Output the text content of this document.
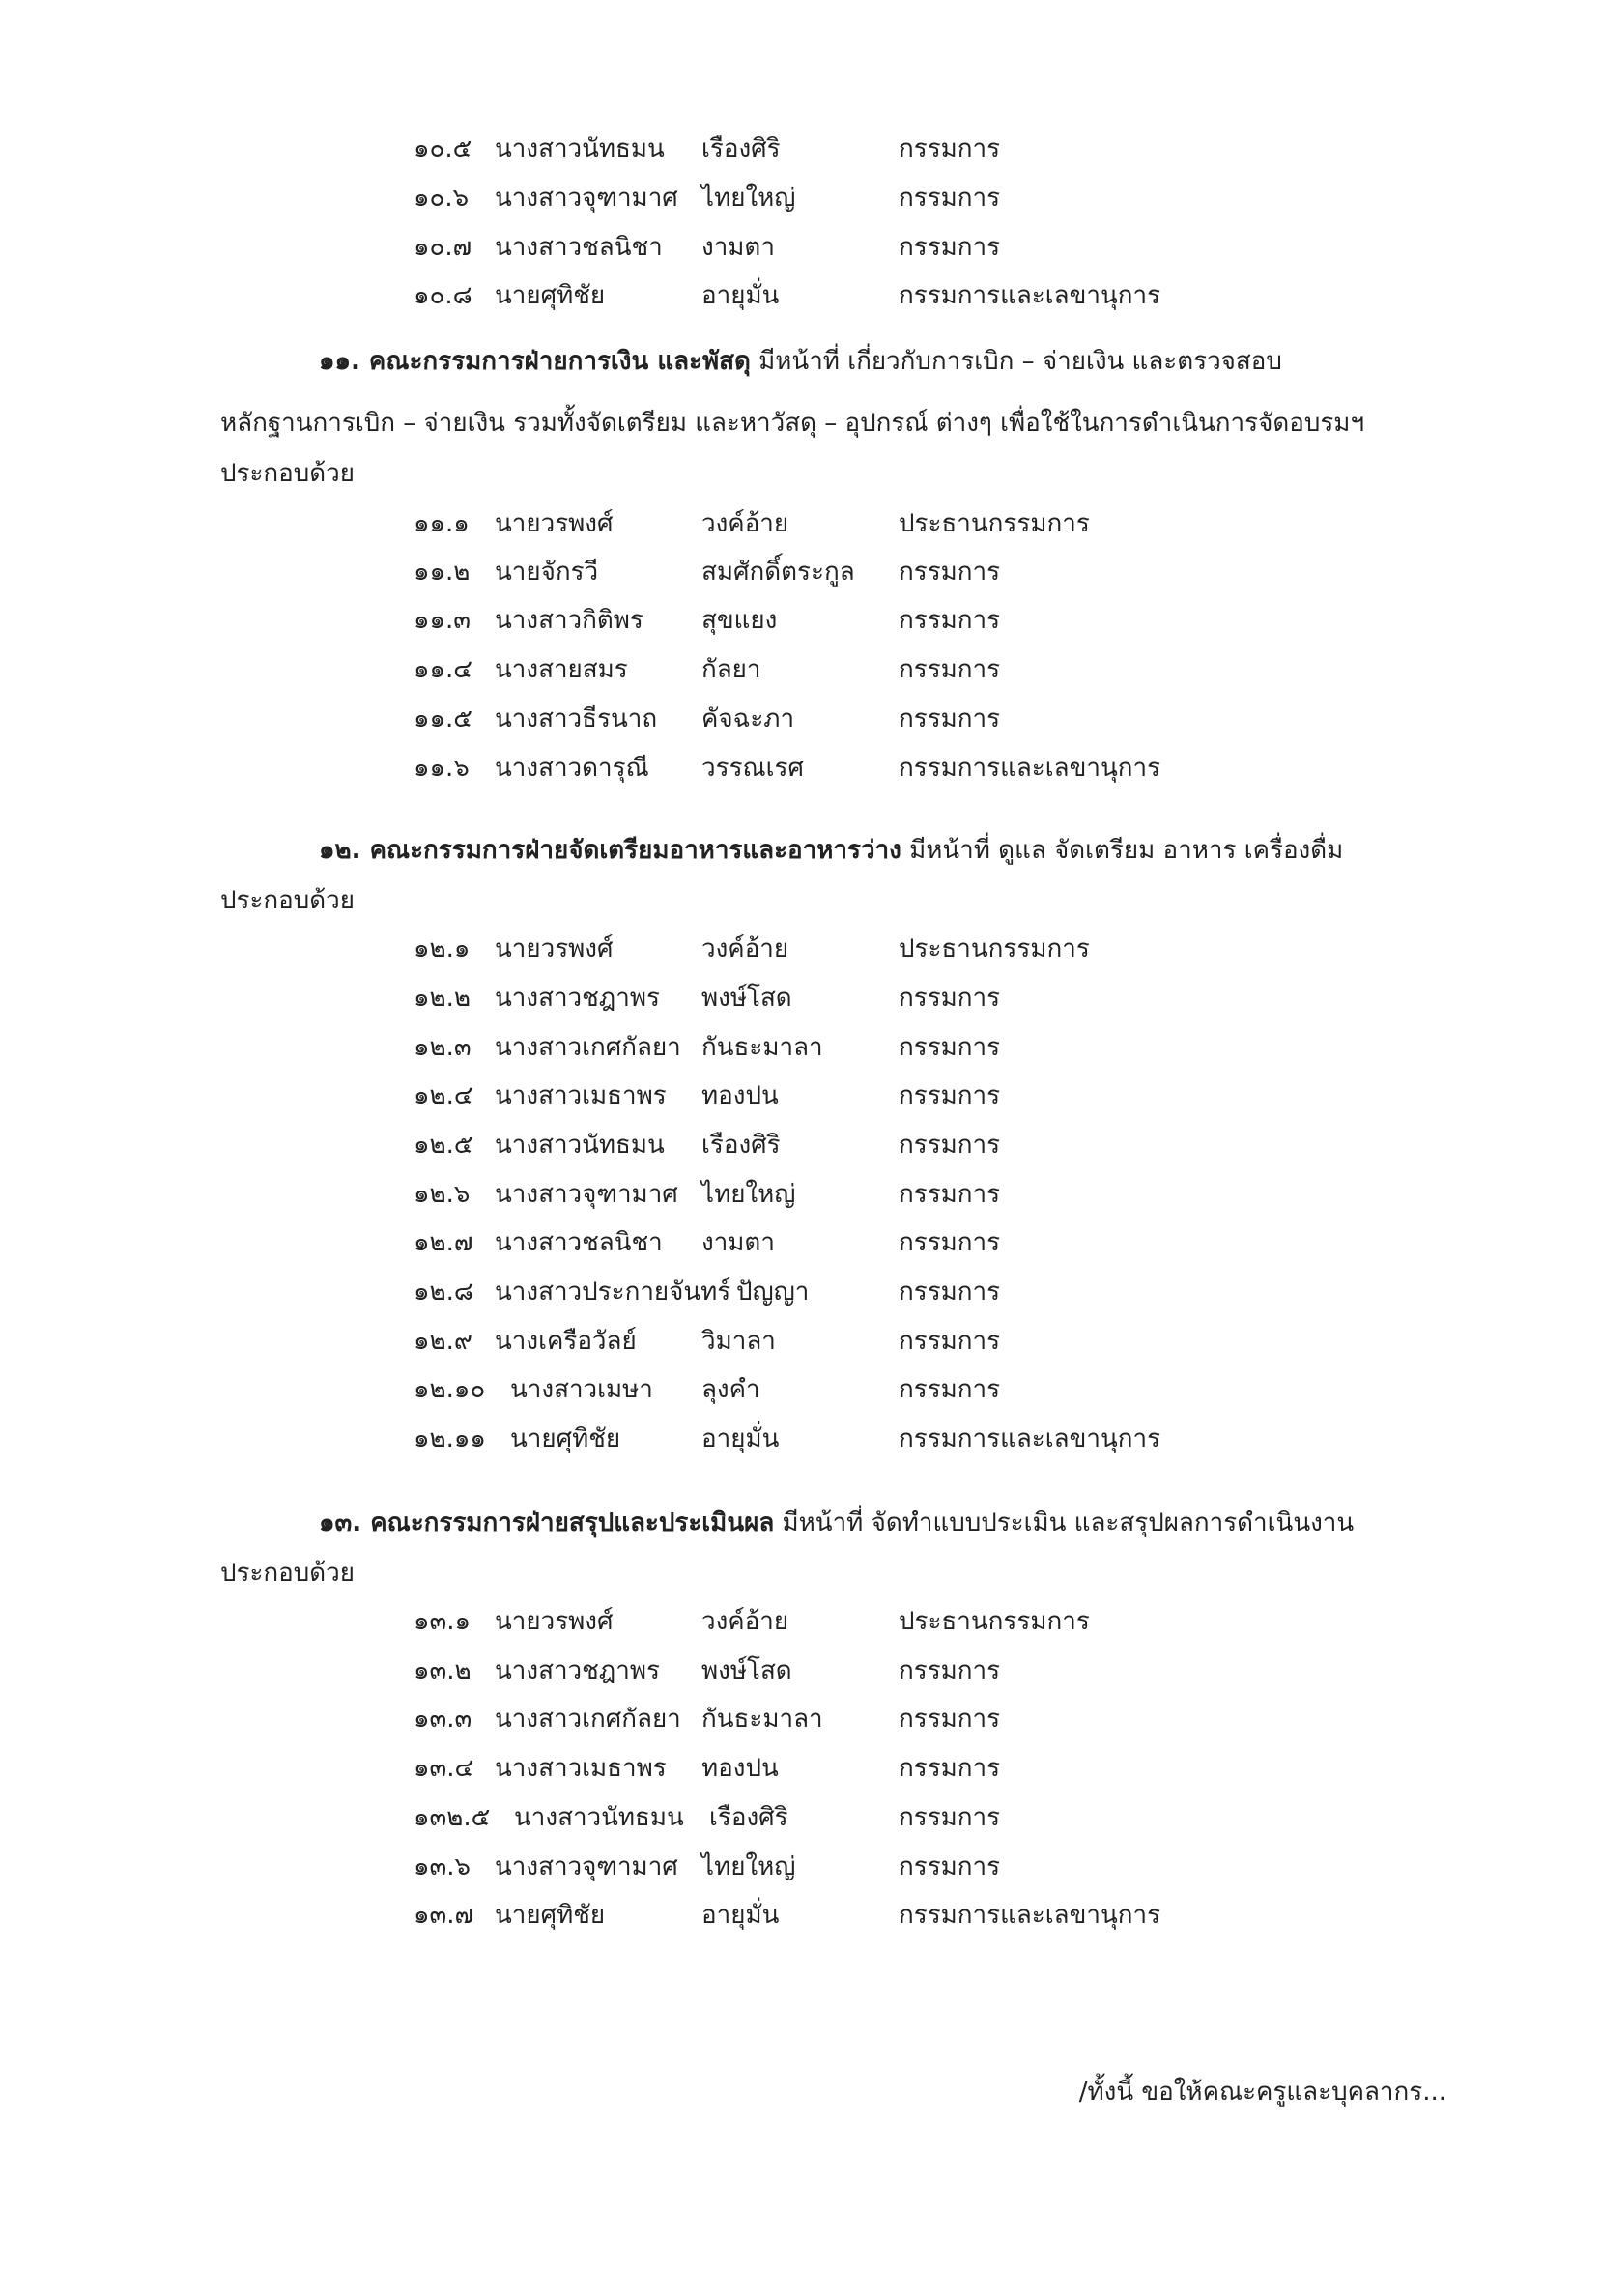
๑๐.๕ นางสาวนัทธมน เรืองศิริ	กรรมการ
๑๐.๖ นางสาวจุฑามาศ ไทยใหญ่	กรรมการ
๑๐.๗ นางสาวชลนิชา งามตา	กรรมการ
๑๐.๘ นายศุทิชัย	อายุมั่น	กรรมการและเลขานุการ
๑๑. คณะกรรมการฝ่ายการเงิน และพัสดุ มีหน้าที่ เกี่ยวกับการเบิก – จ่ายเงิน และตรวจสอบ
หลักฐานการเบิก – จ่ายเงิน รวมทั้งจัดเตรียม และหาวัสดุ – อุปกรณ์ ต่างๆ เพื่อใช้ในการดำเนินการจัดอบรมฯ
ประกอบด้วย
๑๑.๑ นายวรพงศ์	วงค์อ้าย	ประธานกรรมการ
๑๑.๒ นายจักรวี	สมศักดิ์ตระกูล กรรมการ
๑๑.๓ นางสาวกิติพร สุขแยง	กรรมการ
๑๑.๔ นางสายสมร	กัลยา	กรรมการ
๑๑.๕ นางสาวธีรนาถ คัจฉะภา	กรรมการ
๑๑.๖ นางสาวดารุณี วรรณเรศ	กรรมการและเลขานุการ
๑๒. คณะกรรมการฝ่ายจัดเตรียมอาหารและอาหารว่าง มีหน้าที่ ดูแล จัดเตรียม อาหาร เครื่องดื่ม
ประกอบด้วย
๑๒.๑ นายวรพงศ์	วงค์อ้าย	ประธานกรรมการ
๑๒.๒ นางสาวชฎาพร พงษ์โสด	กรรมการ
๑๒.๓ นางสาวเกศกัลยา กันธะมาลา	กรรมการ
๑๒.๔ นางสาวเมธาพร ทองปน	กรรมการ
๑๒.๕ นางสาวนัทธมน เรืองศิริ	กรรมการ
๑๒.๖ นางสาวจุฑามาศ ไทยใหญ่	กรรมการ
๑๒.๗ นางสาวชลนิชา งามตา	กรรมการ
๑๒.๘ นางสาวประกายจันทร์ ปัญญา	กรรมการ
๑๒.๙ นางเครือวัลย์	วิมาลา	กรรมการ
๑๒.๑๐ นางสาวเมษา ลุงคำ	กรรมการ
๑๒.๑๑ นายศุทิชัย	อายุมั่น	กรรมการและเลขานุการ
๑๓. คณะกรรมการฝ่ายสรุปและประเมินผล มีหน้าที่ จัดทำแบบประเมิน และสรุปผลการดำเนินงาน
ประกอบด้วย
๑๓.๑ นายวรพงศ์	วงค์อ้าย	ประธานกรรมการ
๑๓.๒ นางสาวชฎาพร พงษ์โสด	กรรมการ
๑๓.๓ นางสาวเกศกัลยา กันธะมาลา	กรรมการ
๑๓.๔ นางสาวเมธาพร ทองปน	กรรมการ
๑๓๒.๕ นางสาวนัทธมน เรืองศิริ	กรรมการ
๑๓.๖ นางสาวจุฑามาศ ไทยใหญ่	กรรมการ
๑๓.๗ นายศุทิชัย	อายุมั่น	กรรมการและเลขานุการ
/ทั้งนี้ ขอให้คณะครูและบุคลากร...
